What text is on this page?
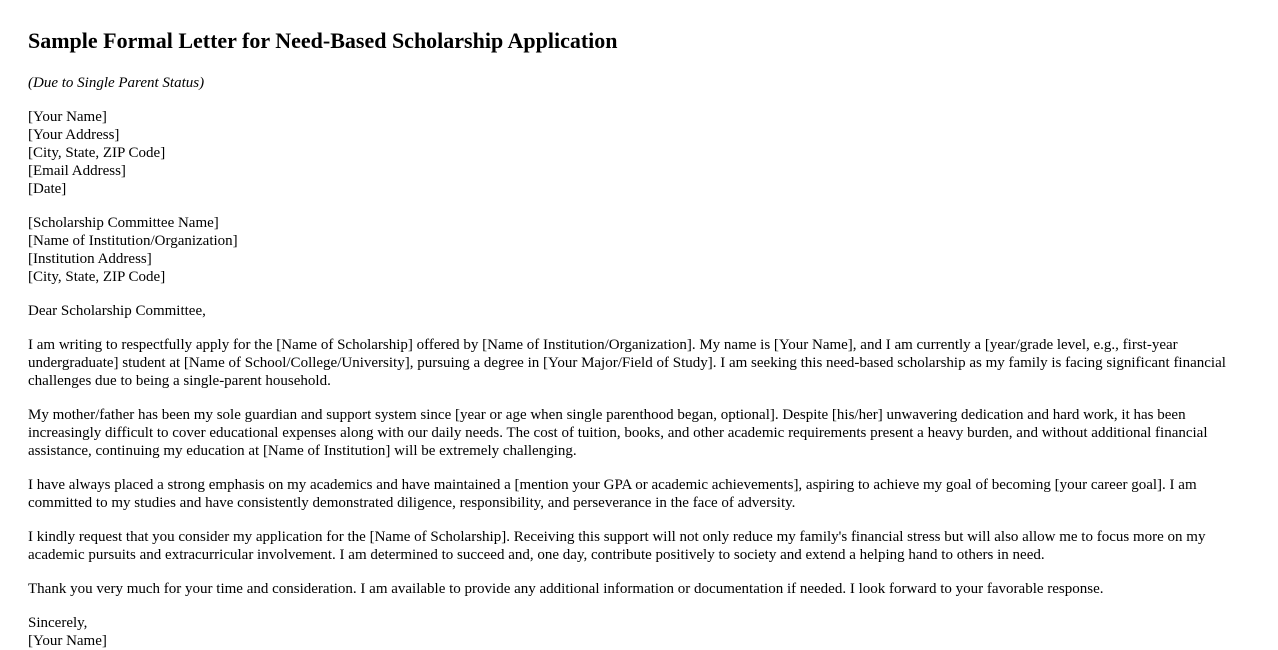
Sample Formal Letter for Need-Based Scholarship Application
(Due to Single Parent Status)
[Your Name]
[Your Address]
[City, State, ZIP Code]
[Email Address]
[Date]
[Scholarship Committee Name]
[Name of Institution/Organization]
[Institution Address]
[City, State, ZIP Code]

Dear Scholarship Committee,

I am writing to respectfully apply for the [Name of Scholarship] offered by [Name of Institution/Organization]. My name is [Your Name], and I am currently a [year/grade level, e.g., first-year undergraduate] student at [Name of School/College/University], pursuing a degree in [Your Major/Field of Study]. I am seeking this need-based scholarship as my family is facing significant financial challenges due to being a single-parent household.

My mother/father has been my sole guardian and support system since [year or age when single parenthood began, optional]. Despite [his/her] unwavering dedication and hard work, it has been increasingly difficult to cover educational expenses along with our daily needs. The cost of tuition, books, and other academic requirements present a heavy burden, and without additional financial assistance, continuing my education at [Name of Institution] will be extremely challenging.

I have always placed a strong emphasis on my academics and have maintained a [mention your GPA or academic achievements], aspiring to achieve my goal of becoming [your career goal]. I am committed to my studies and have consistently demonstrated diligence, responsibility, and perseverance in the face of adversity.

I kindly request that you consider my application for the [Name of Scholarship]. Receiving this support will not only reduce my family's financial stress but will also allow me to focus more on my academic pursuits and extracurricular involvement. I am determined to succeed and, one day, contribute positively to society and extend a helping hand to others in need.

Thank you very much for your time and consideration. I am available to provide any additional information or documentation if needed. I look forward to your favorable response.

Sincerely,
[Your Name]
